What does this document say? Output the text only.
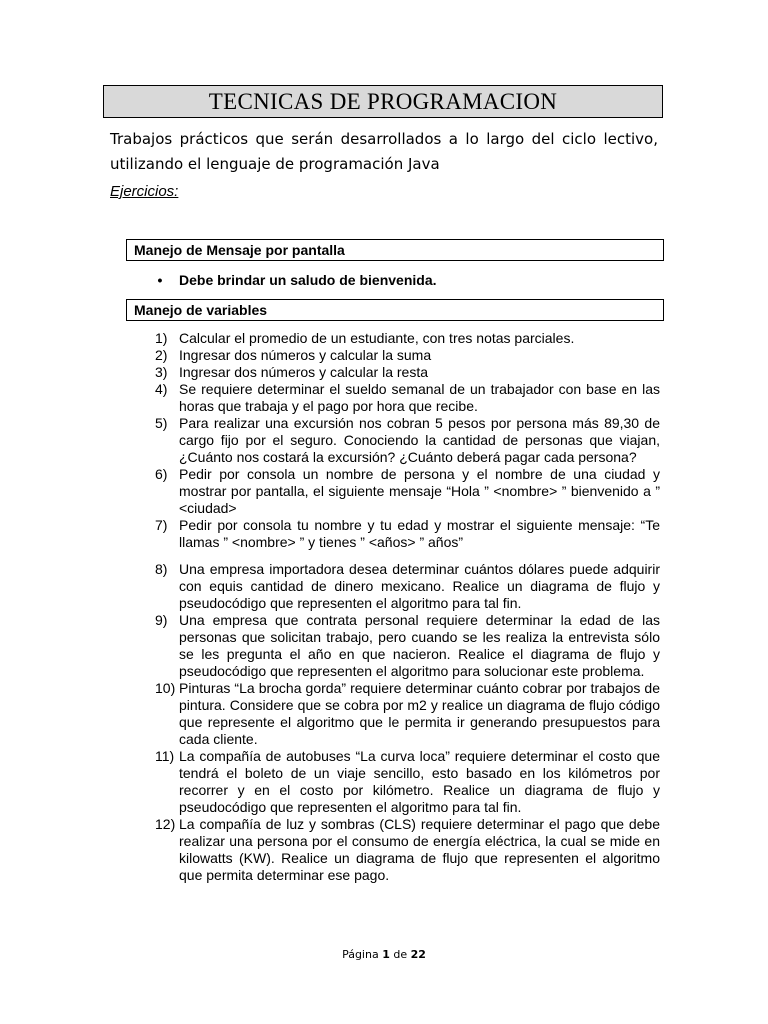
TECNICAS DE PROGRAMACION
Trabajos prácticos que serán desarrollados a lo largo del ciclo lectivo,
utilizando el lenguaje de programación Java
Ejercicios:
Manejo de Mensaje por pantalla
• Debe brindar un saludo de bienvenida.
Manejo de variables
1) Calcular el promedio de un estudiante, con tres notas parciales.
2) Ingresar dos números y calcular la suma
3) Ingresar dos números y calcular la resta
4) Se requiere determinar el sueldo semanal de un trabajador con base en las horas que trabaja y el pago por hora que recibe.
5) Para realizar una excursión nos cobran 5 pesos por persona más 89,30 de cargo fijo por el seguro. Conociendo la cantidad de personas que viajan, ¿Cuánto nos costará la excursión? ¿Cuánto deberá pagar cada persona?
6) Pedir por consola un nombre de persona y el nombre de una ciudad y mostrar por pantalla, el siguiente mensaje “Hola ” <nombre> ” bienvenido a ” <ciudad>
7) Pedir por consola tu nombre y tu edad y mostrar el siguiente mensaje: “Te llamas ” <nombre> ” y tienes ” <años> ” años”
8) Una empresa importadora desea determinar cuántos dólares puede adquirir con equis cantidad de dinero mexicano. Realice un diagrama de flujo y pseudocódigo que representen el algoritmo para tal fin.
9) Una empresa que contrata personal requiere determinar la edad de las personas que solicitan trabajo, pero cuando se les realiza la entrevista sólo se les pregunta el año en que nacieron. Realice el diagrama de flujo y pseudocódigo que representen el algoritmo para solucionar este problema.
10) Pinturas “La brocha gorda” requiere determinar cuánto cobrar por trabajos de pintura. Considere que se cobra por m2 y realice un diagrama de flujo código que represente el algoritmo que le permita ir generando presupuestos para cada cliente.
11) La compañía de autobuses “La curva loca” requiere determinar el costo que tendrá el boleto de un viaje sencillo, esto basado en los kilómetros por recorrer y en el costo por kilómetro. Realice un diagrama de flujo y pseudocódigo que representen el algoritmo para tal fin.
12) La compañía de luz y sombras (CLS) requiere determinar el pago que debe realizar una persona por el consumo de energía eléctrica, la cual se mide en kilowatts (KW). Realice un diagrama de flujo que representen el algoritmo que permita determinar ese pago.
Página 1 de 22
